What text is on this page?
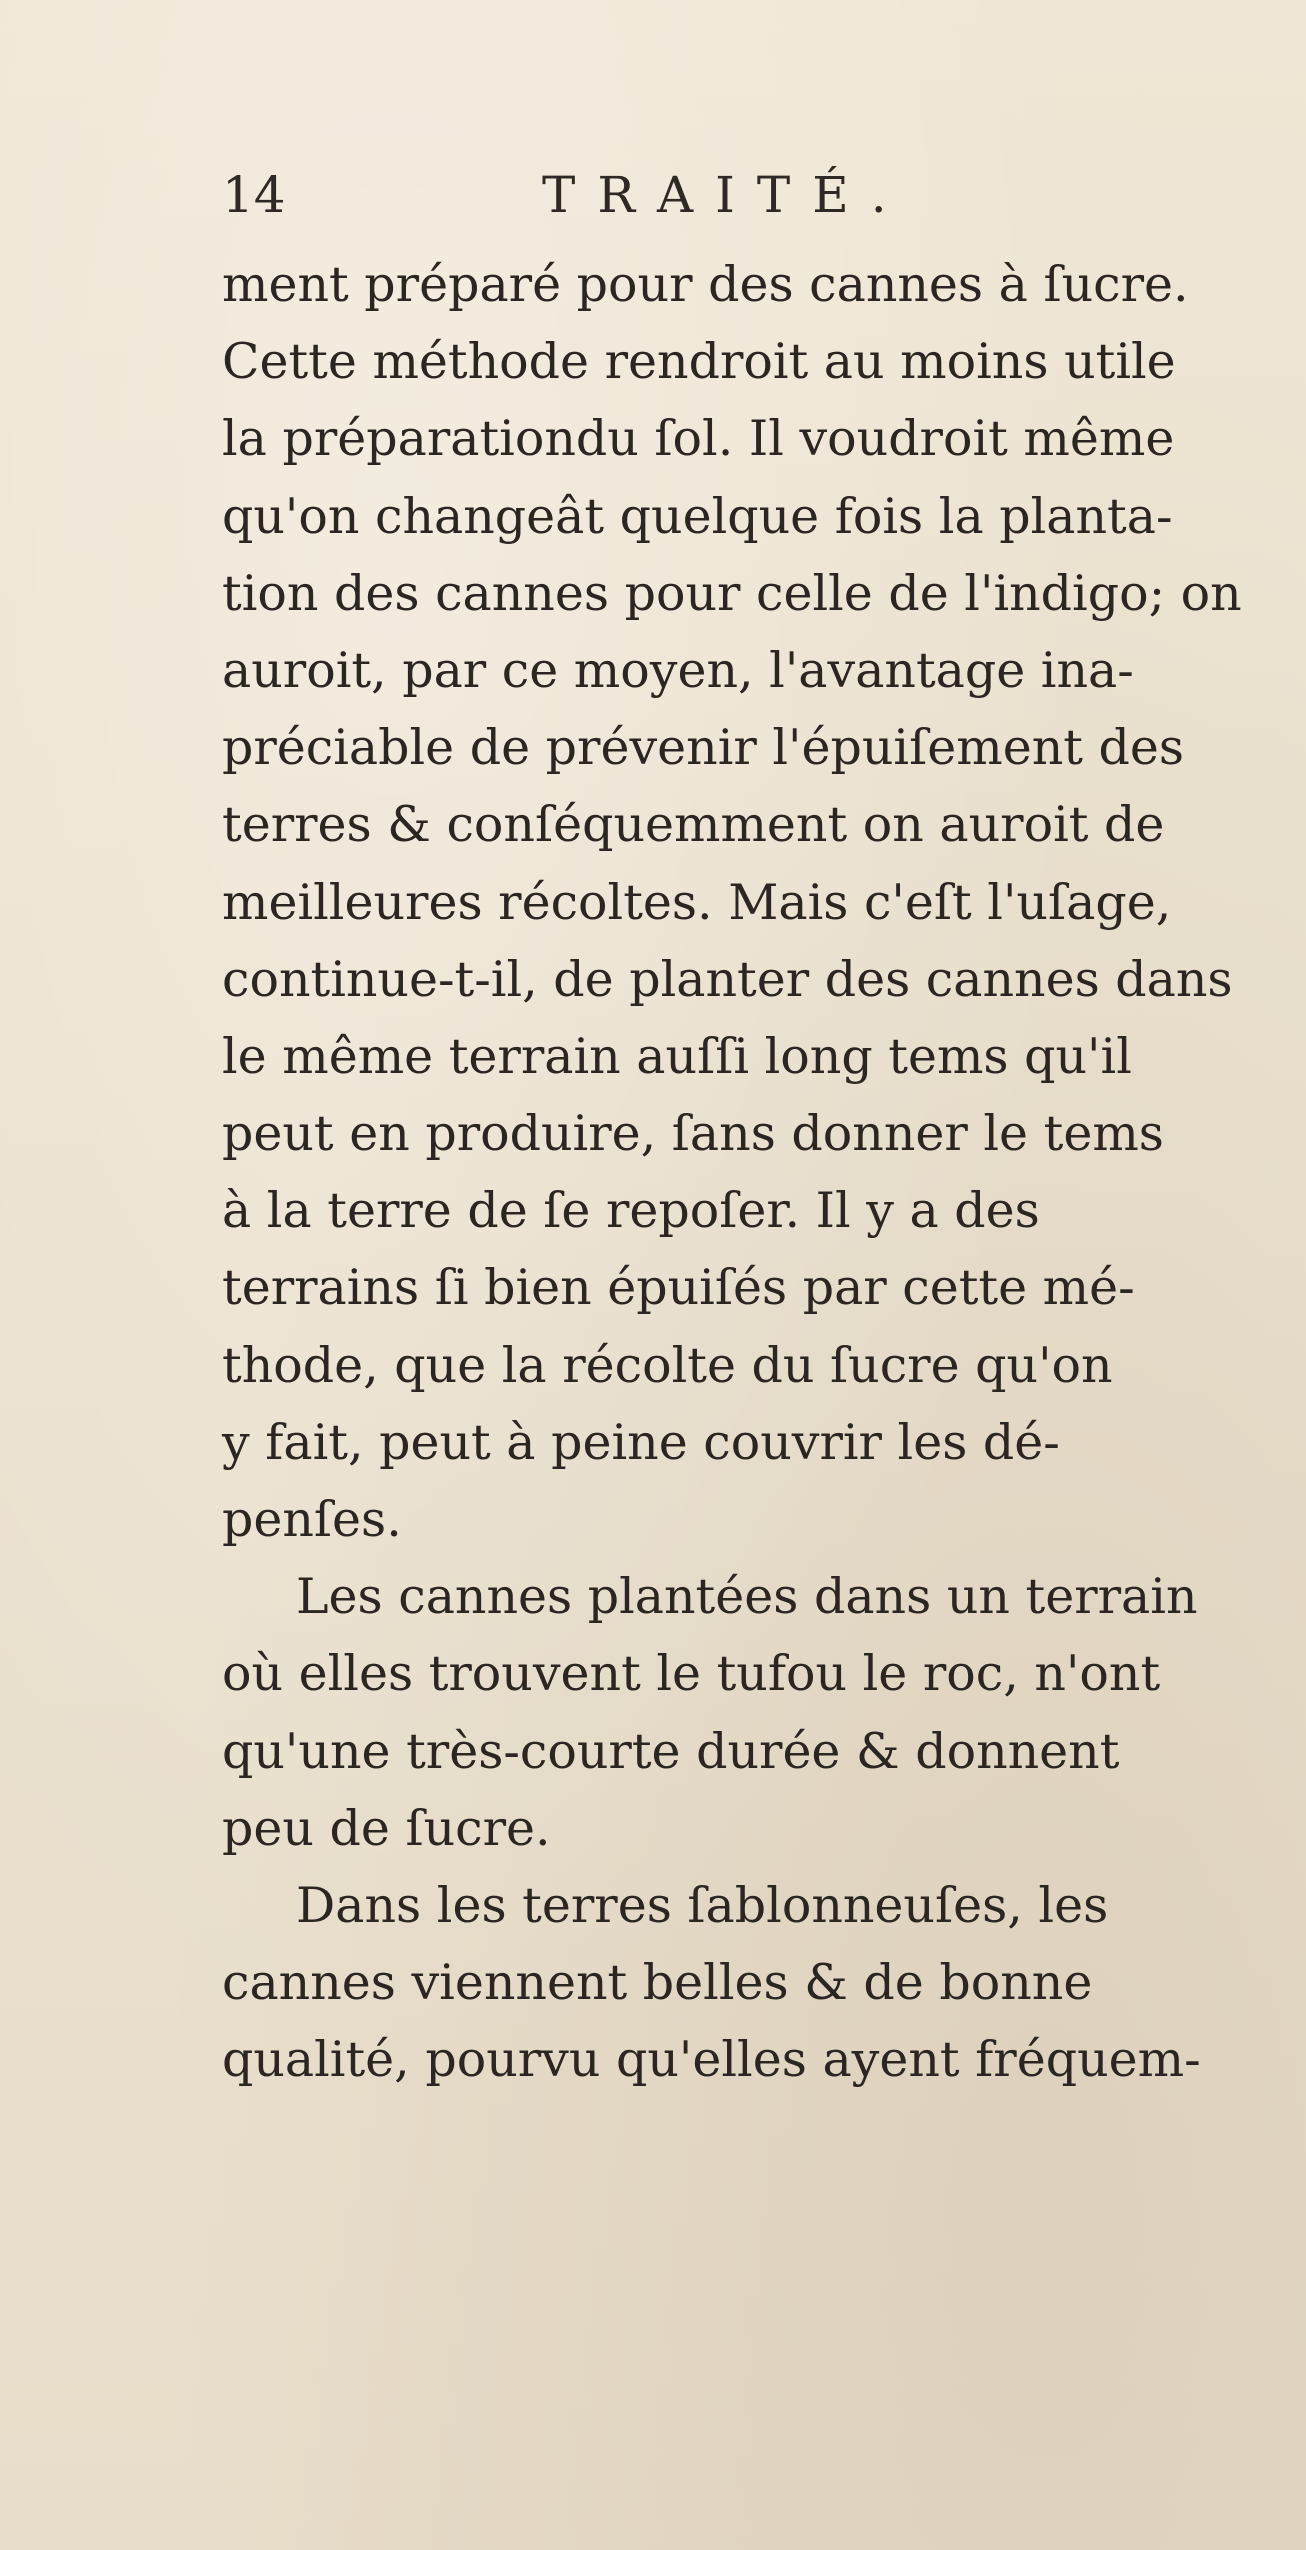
14	TRAITÉ.
ment préparé pour des cannes à ſucre.
Cette méthode rendroit au moins utile
la préparationdu ſol. Il voudroit même
qu'on changeât quelque fois la planta-
tion des cannes pour celle de l'indigo; on
auroit, par ce moyen, l'avantage ina-
préciable de prévenir l'épuiſement des
terres & conſéquemment on auroit de
meilleures récoltes. Mais c'eſt l'uſage,
continue-t-il, de planter des cannes dans
le même terrain auſſi long tems qu'il
peut en produire, ſans donner le tems
à la terre de ſe repoſer. Il y a des
terrains ſi bien épuiſés par cette mé-
thode, que la récolte du ſucre qu'on
y fait, peut à peine couvrir les dé-
penſes.
Les cannes plantées dans un terrain
où elles trouvent le tufou le roc, n'ont
qu'une très-courte durée & donnent
peu de ſucre.
Dans les terres ſablonneuſes, les
cannes viennent belles & de bonne
qualité, pourvu qu'elles ayent fréquem-
